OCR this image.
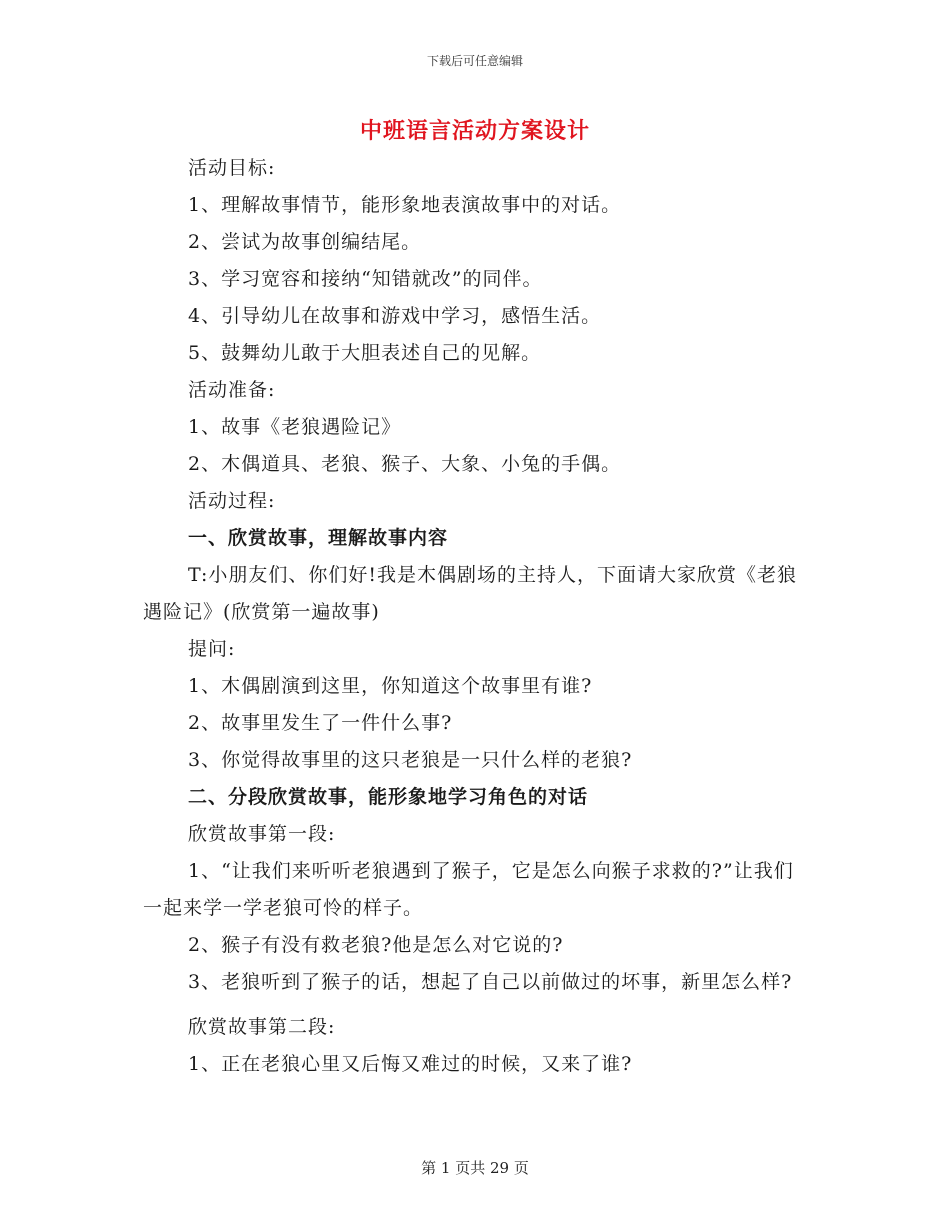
下载后可任意编辑
中班语言活动方案设计

活动目标:

1、理解故事情节，能形象地表演故事中的对话。

2、尝试为故事创编结尾。

3、学习宽容和接纳“知错就改”的同伴。

4、引导幼儿在故事和游戏中学习，感悟生活。

5、鼓舞幼儿敢于大胆表述自己的见解。

活动准备:

1、故事《老狼遇险记》

2、木偶道具、老狼、猴子、大象、小兔的手偶。

活动过程:

一、欣赏故事，理解故事内容

T:小朋友们、你们好!我是木偶剧场的主持人，下面请大家欣赏《老狼遇险记》(欣赏第一遍故事)

提问:

1、木偶剧演到这里，你知道这个故事里有谁?

2、故事里发生了一件什么事?

3、你觉得故事里的这只老狼是一只什么样的老狼?

二、分段欣赏故事，能形象地学习角色的对话

欣赏故事第一段:

1、“让我们来听听老狼遇到了猴子，它是怎么向猴子求救的?”让我们一起来学一学老狼可怜的样子。

2、猴子有没有救老狼?他是怎么对它说的?

3、老狼听到了猴子的话，想起了自己以前做过的坏事，新里怎么样?

欣赏故事第二段:

1、正在老狼心里又后悔又难过的时候，又来了谁?

第 1 页共 29 页
